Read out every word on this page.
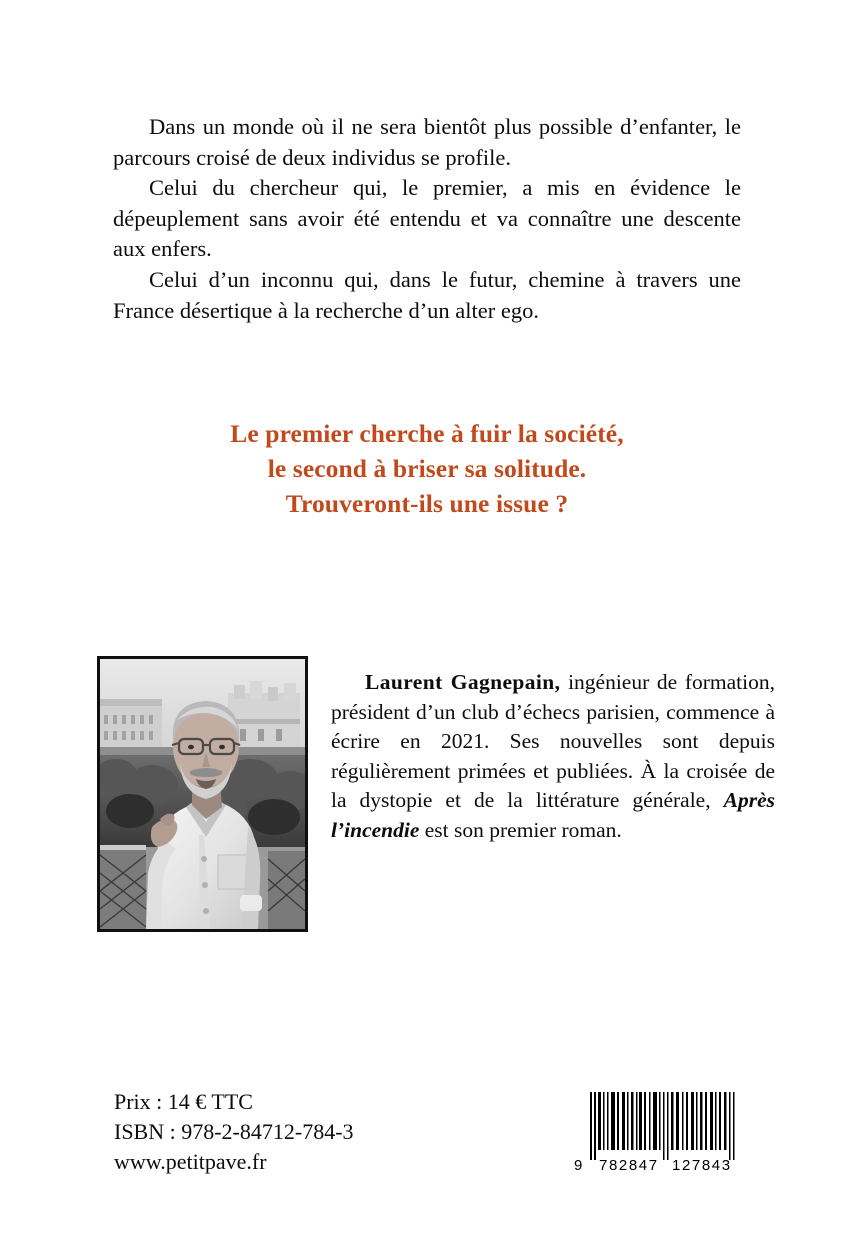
Dans un monde où il ne sera bientôt plus possible d’enfanter, le parcours croisé de deux individus se profile.

Celui du chercheur qui, le premier, a mis en évidence le dépeuplement sans avoir été entendu et va connaître une descente aux enfers.

Celui d’un inconnu qui, dans le futur, chemine à travers une France désertique à la recherche d’un alter ego.

Le premier cherche à fuir la société,
le second à briser sa solitude.
Trouveront-ils une issue ?

Laurent Gagnepain, ingénieur de formation, président d’un club d’échecs parisien, commence à écrire en 2021. Ses nouvelles sont depuis régulièrement primées et publiées. À la croisée de la dystopie et de la littérature générale, Après l’incendie est son premier roman.

Prix : 14 € TTC
ISBN : 978-2-84712-784-3
www.petitpave.fr	9 782847 127843
